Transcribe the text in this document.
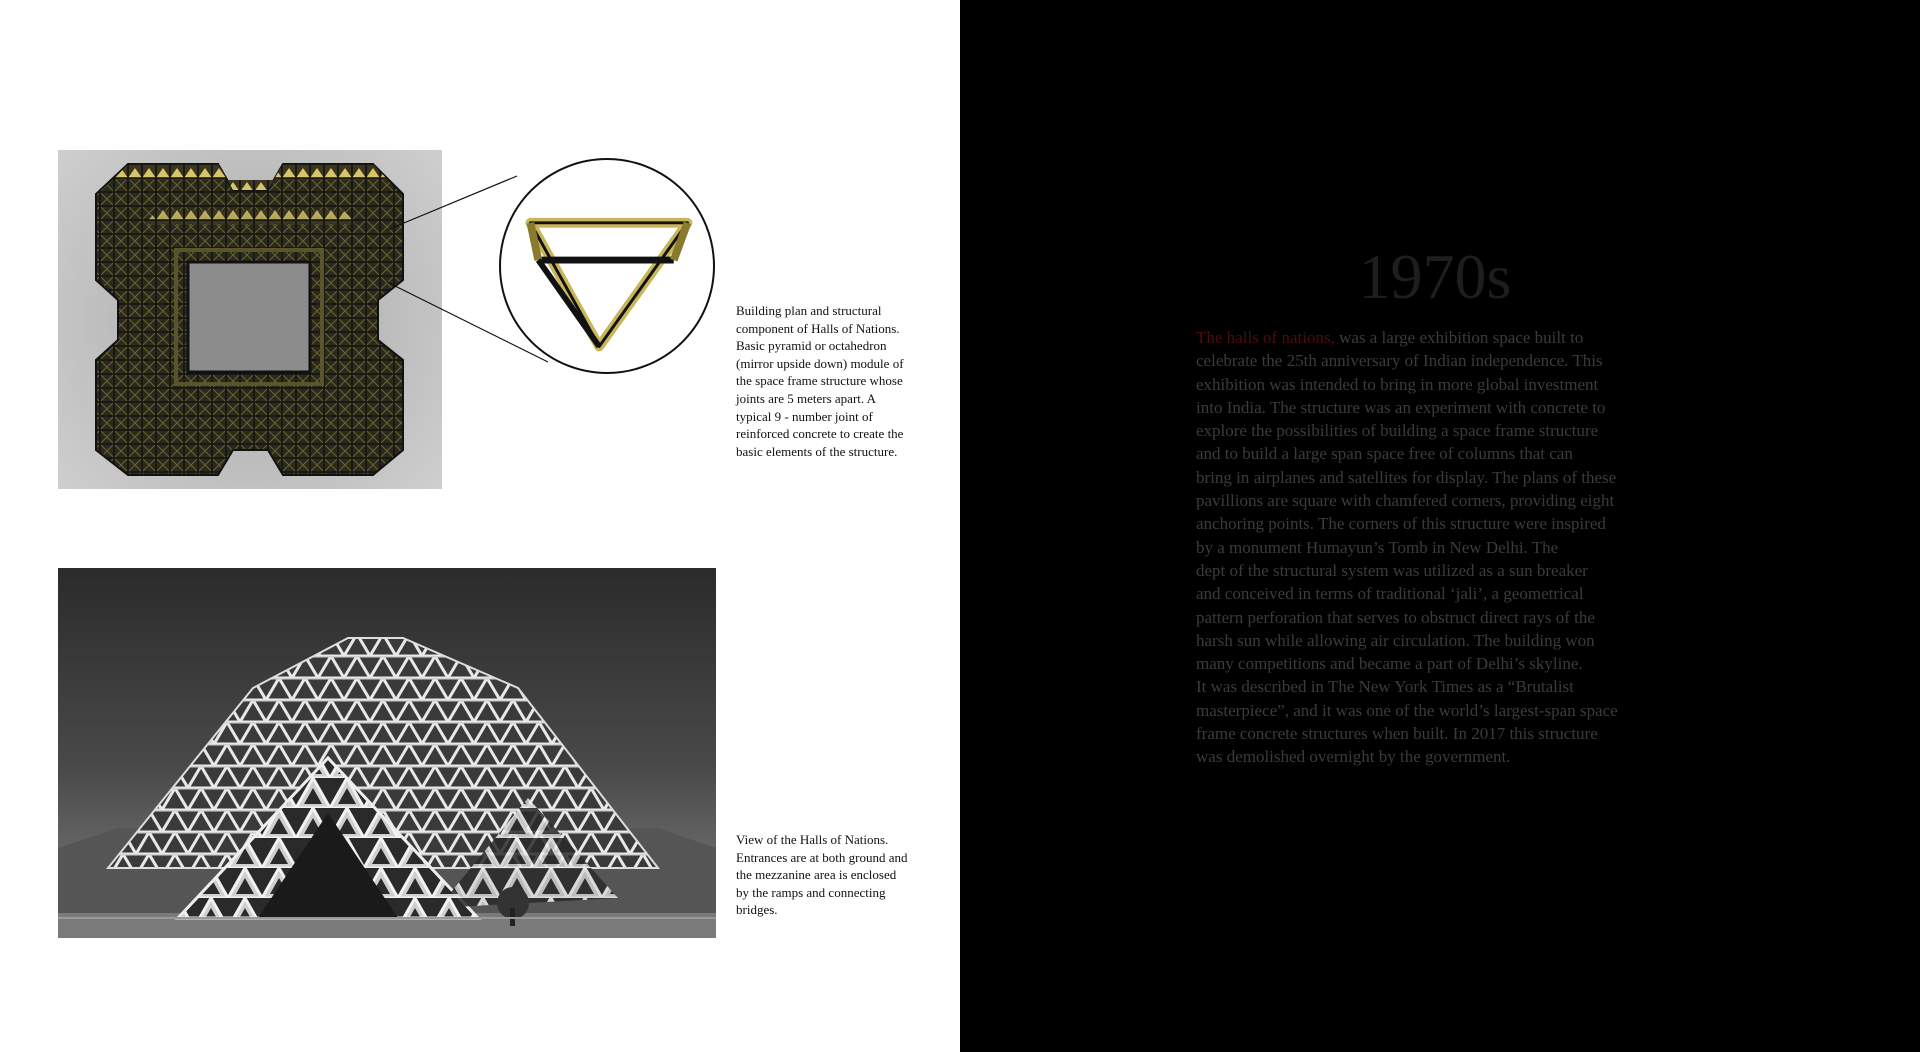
Building plan and structural component of Halls of Nations. Basic pyramid or octahedron (mirror upside down) module of the space frame structure whose joints are 5 meters apart. A typical 9 - number joint of reinforced concrete to create the basic elements of the structure.

View of the Halls of Nations. Entrances are at both ground and the mezzanine area is enclosed by the ramps and connecting bridges.

1970s

The halls of nations, was a large exhibition space built to
celebrate the 25th anniversary of Indian independence. This
exhibition was intended to bring in more global investment
into India. The structure was an experiment with concrete to
explore the possibilities of building a space frame structure
and to build a large span space free of columns that can
bring in airplanes and satellites for display. The plans of these
pavillions are square with chamfered corners, providing eight
anchoring points. The corners of this structure were inspired
by a monument Humayun’s Tomb in New Delhi. The
dept of the structural system was utilized as a sun breaker
and conceived in terms of traditional ‘jali’, a geometrical
pattern perforation that serves to obstruct direct rays of the
harsh sun while allowing air circulation. The building won
many competitions and became a part of Delhi’s skyline.
It was described in The New York Times as a “Brutalist
masterpiece”, and it was one of the world’s largest-span space
frame concrete structures when built. In 2017 this structure
was demolished overnight by the government.
